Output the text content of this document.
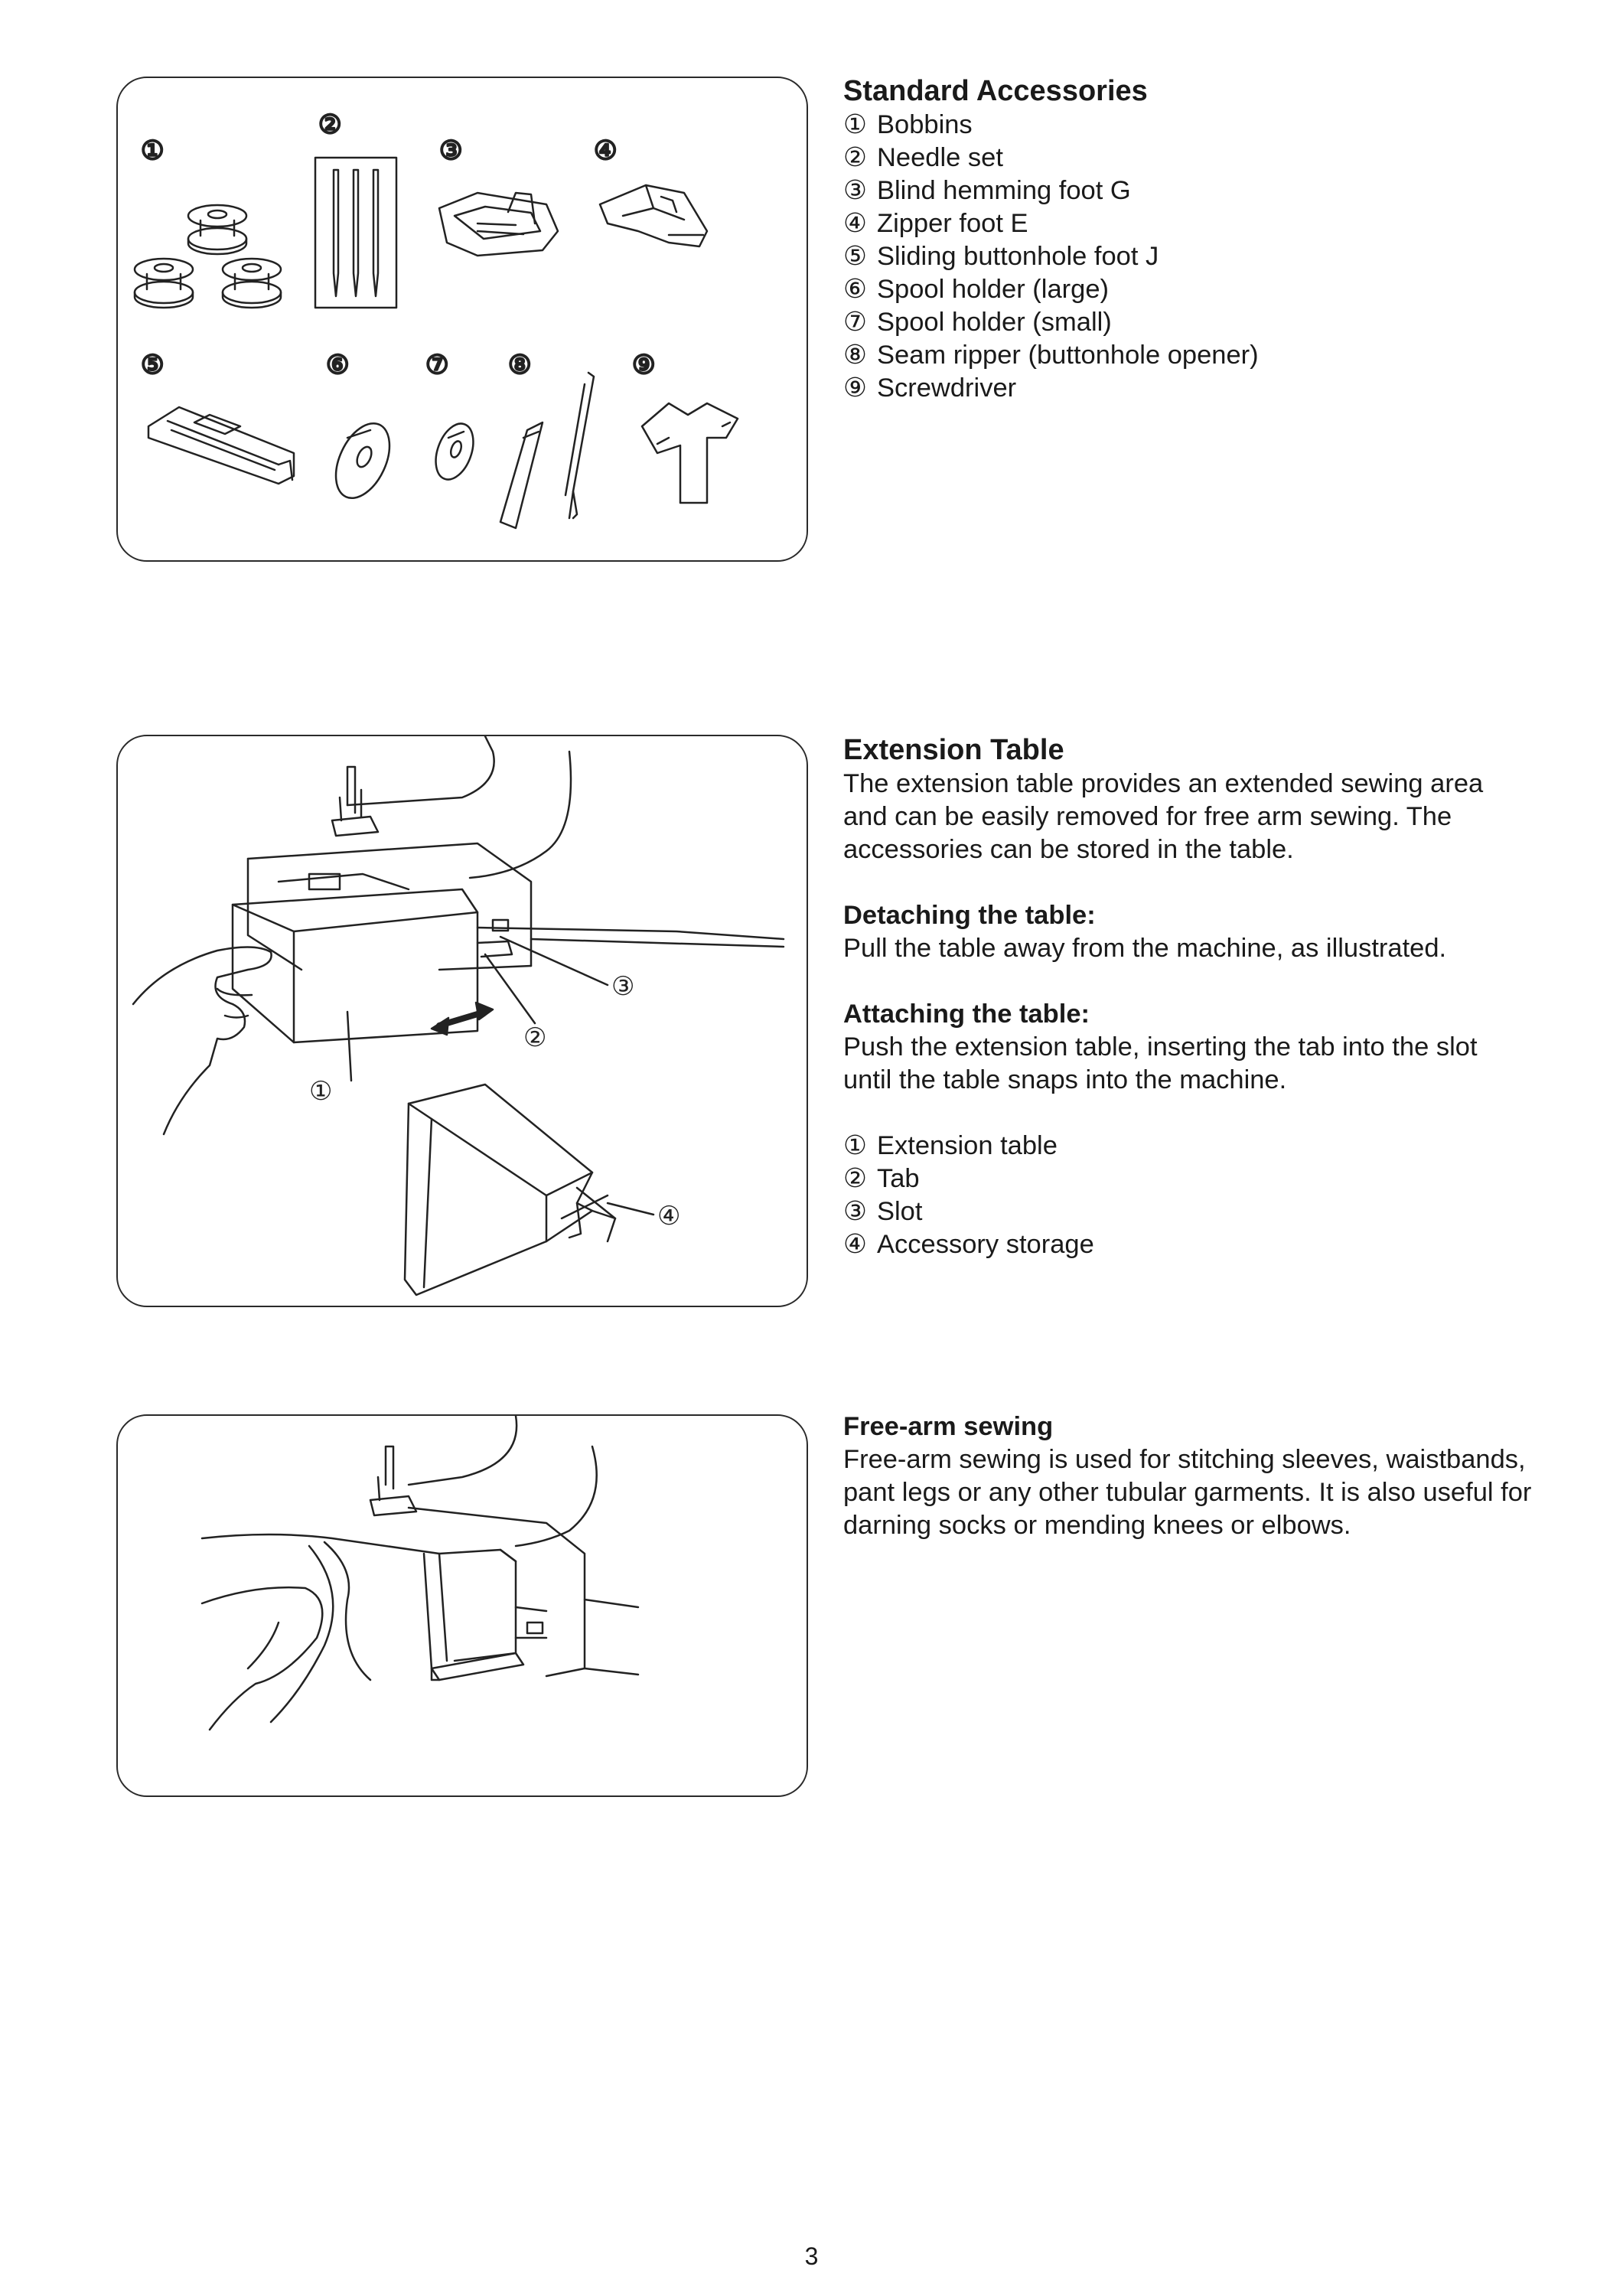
①
②
③	④
⑤	⑥	⑦ ⑧	⑨
Standard Accessories
① Bobbins
② Needle set
③ Blind hemming foot G
④ Zipper foot E
⑤ Sliding buttonhole foot J
⑥ Spool holder (large)
⑦ Spool holder (small)
⑧ Seam ripper (buttonhole opener)
⑨ Screwdriver
①
②
③
④
Extension Table

The extension table provides an extended sewing area and can be easily removed for free arm sewing. The accessories can be stored in the table.

Detaching the table:

Pull the table away from the machine, as illustrated.

Attaching the table:

Push the extension table, inserting the tab into the slot until the table snaps into the machine.

① Extension table
② Tab
③ Slot
④ Accessory storage

Free-arm sewing

Free-arm sewing is used for stitching sleeves, waistbands, pant legs or any other tubular garments. It is also useful for darning socks or mending knees or elbows.

3
